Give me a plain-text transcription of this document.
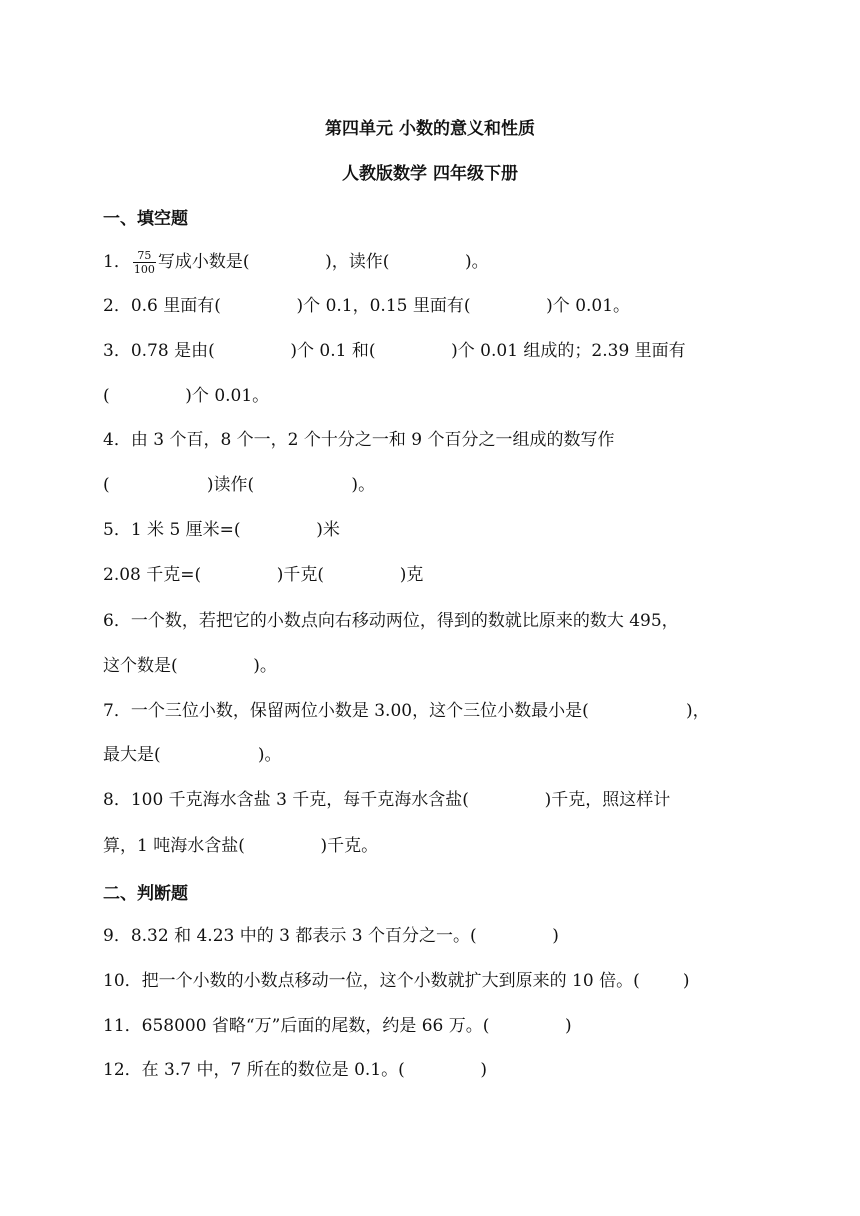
第四单元 小数的意义和性质
人教版数学 四年级下册
一、填空题
1． $\frac{75}{100}$ 写成小数是(              )，读作(              )。
2．0.6 里面有(              )个 0.1，0.15 里面有(              )个 0.01。
3．0.78 是由(              )个 0.1 和(              )个 0.01 组成的；2.39 里面有
(              )个 0.01。
4．由 3 个百，8 个一，2 个十分之一和 9 个百分之一组成的数写作
(                  )读作(                  )。
5．1 米 5 厘米=(              )米
2.08 千克=(              )千克(              )克
6．一个数，若把它的小数点向右移动两位，得到的数就比原来的数大 495，
这个数是(              )。
7．一个三位小数，保留两位小数是 3.00，这个三位小数最小是(                  )，
最大是(                  )。
8．100 千克海水含盐 3 千克，每千克海水含盐(              )千克，照这样计
算，1 吨海水含盐(              )千克。
二、判断题
9．8.32 和 4.23 中的 3 都表示 3 个百分之一。(              )
10．把一个小数的小数点移动一位，这个小数就扩大到原来的 10 倍。(        )
11．658000 省略“万”后面的尾数，约是 66 万。(              )
12．在 3.7 中，7 所在的数位是 0.1。(              )
